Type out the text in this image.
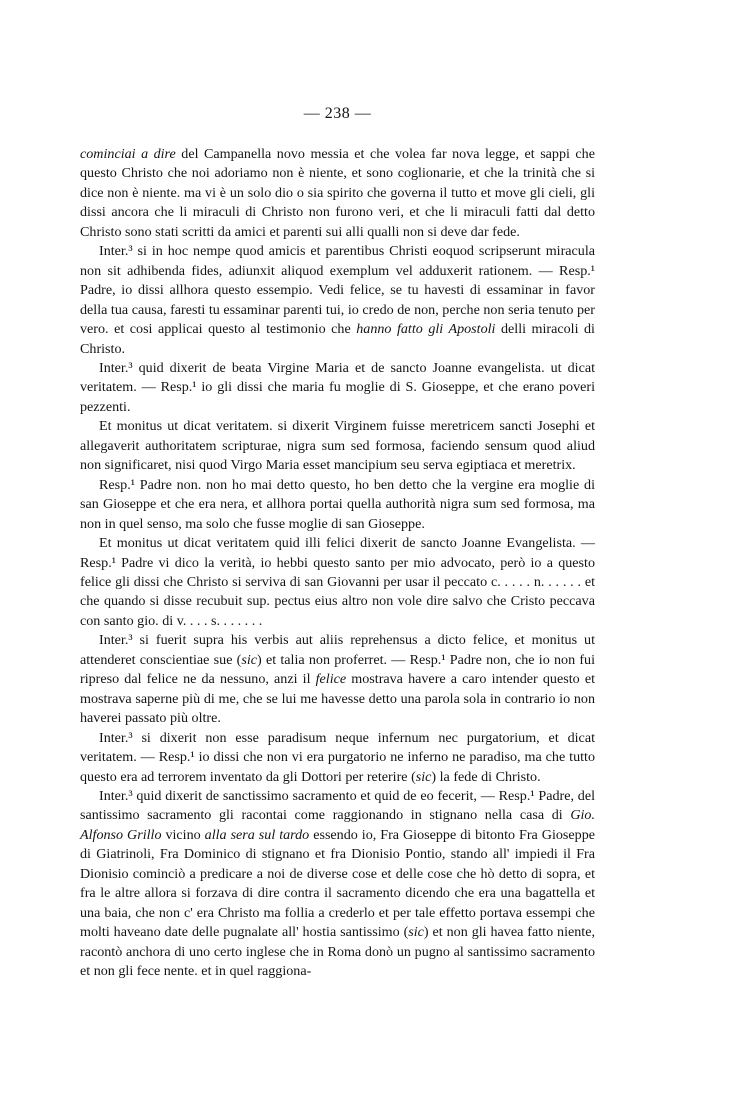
— 238 —

cominciai a dire del Campanella novo messia et che volea far nova legge, et sappi che questo Christo che noi adoriamo non è niente, et sono coglionarie, et che la trinità che si dice non è niente. ma vi è un solo dio o sia spirito che governa il tutto et move gli cieli, gli dissi ancora che li miraculi di Christo non furono veri, et che li miraculi fatti dal detto Christo sono stati scritti da amici et parenti sui alli qualli non si deve dar fede.

Inter.³ si in hoc nempe quod amicis et parentibus Christi eoquod scripserunt miracula non sit adhibenda fides, adiunxit aliquod exemplum vel adduxerit rationem. — Resp.¹ Padre, io dissi allhora questo essempio. Vedi felice, se tu havesti di essaminar in favor della tua causa, faresti tu essaminar parenti tui, io credo de non, perche non seria tenuto per vero. et cosi applicai questo al testimonio che hanno fatto gli Apostoli delli miracoli di Christo.

Inter.³ quid dixerit de beata Virgine Maria et de sancto Joanne evangelista. ut dicat veritatem. — Resp.¹ io gli dissi che maria fu moglie di S. Gioseppe, et che erano poveri pezzenti.

Et monitus ut dicat veritatem. si dixerit Virginem fuisse meretricem sancti Josephi et allegaverit authoritatem scripturae, nigra sum sed formosa, faciendo sensum quod aliud non significaret, nisi quod Virgo Maria esset mancipium seu serva egiptiaca et meretrix.

Resp.¹ Padre non. non ho mai detto questo, ho ben detto che la vergine era moglie di san Gioseppe et che era nera, et allhora portai quella authorità nigra sum sed formosa, ma non in quel senso, ma solo che fusse moglie di san Gioseppe.

Et monitus ut dicat veritatem quid illi felici dixerit de sancto Joanne Evangelista. — Resp.¹ Padre vi dico la verità, io hebbi questo santo per mio advocato, però io a questo felice gli dissi che Christo si serviva di san Giovanni per usar il peccato c. . . . . n. . . . . . et che quando si disse recubuit sup. pectus eius altro non vole dire salvo che Cristo peccava con santo gio. di v. . . . s. . . . . . .

Inter.³ si fuerit supra his verbis aut aliis reprehensus a dicto felice, et monitus ut attenderet conscientiae sue (sic) et talia non proferret. — Resp.¹ Padre non, che io non fui ripreso dal felice ne da nessuno, anzi il felice mostrava havere a caro intender questo et mostrava saperne più di me, che se lui me havesse detto una parola sola in contrario io non haverei passato più oltre.

Inter.³ si dixerit non esse paradisum neque infernum nec purgatorium, et dicat veritatem. — Resp.¹ io dissi che non vi era purgatorio ne inferno ne paradiso, ma che tutto questo era ad terrorem inventato da gli Dottori per reterire (sic) la fede di Christo.

Inter.³ quid dixerit de sanctissimo sacramento et quid de eo fecerit, — Resp.¹ Padre, del santissimo sacramento gli racontai come raggionando in stignano nella casa di Gio. Alfonso Grillo vicino alla sera sul tardo essendo io, Fra Gioseppe di bitonto Fra Gioseppe di Giatrinoli, Fra Dominico di stignano et fra Dionisio Pontio, stando all' impiedi il Fra Dionisio cominciò a predicare a noi de diverse cose et delle cose che hò detto di sopra, et fra le altre allora si forzava di dire contra il sacramento dicendo che era una bagattella et una baia, che non c' era Christo ma follia a crederlo et per tale effetto portava essempi che molti haveano date delle pugnalate all' hostia santissimo (sic) et non gli havea fatto niente, racontò anchora di uno certo inglese che in Roma donò un pugno al santissimo sacramento et non gli fece nente. et in quel raggiona-
